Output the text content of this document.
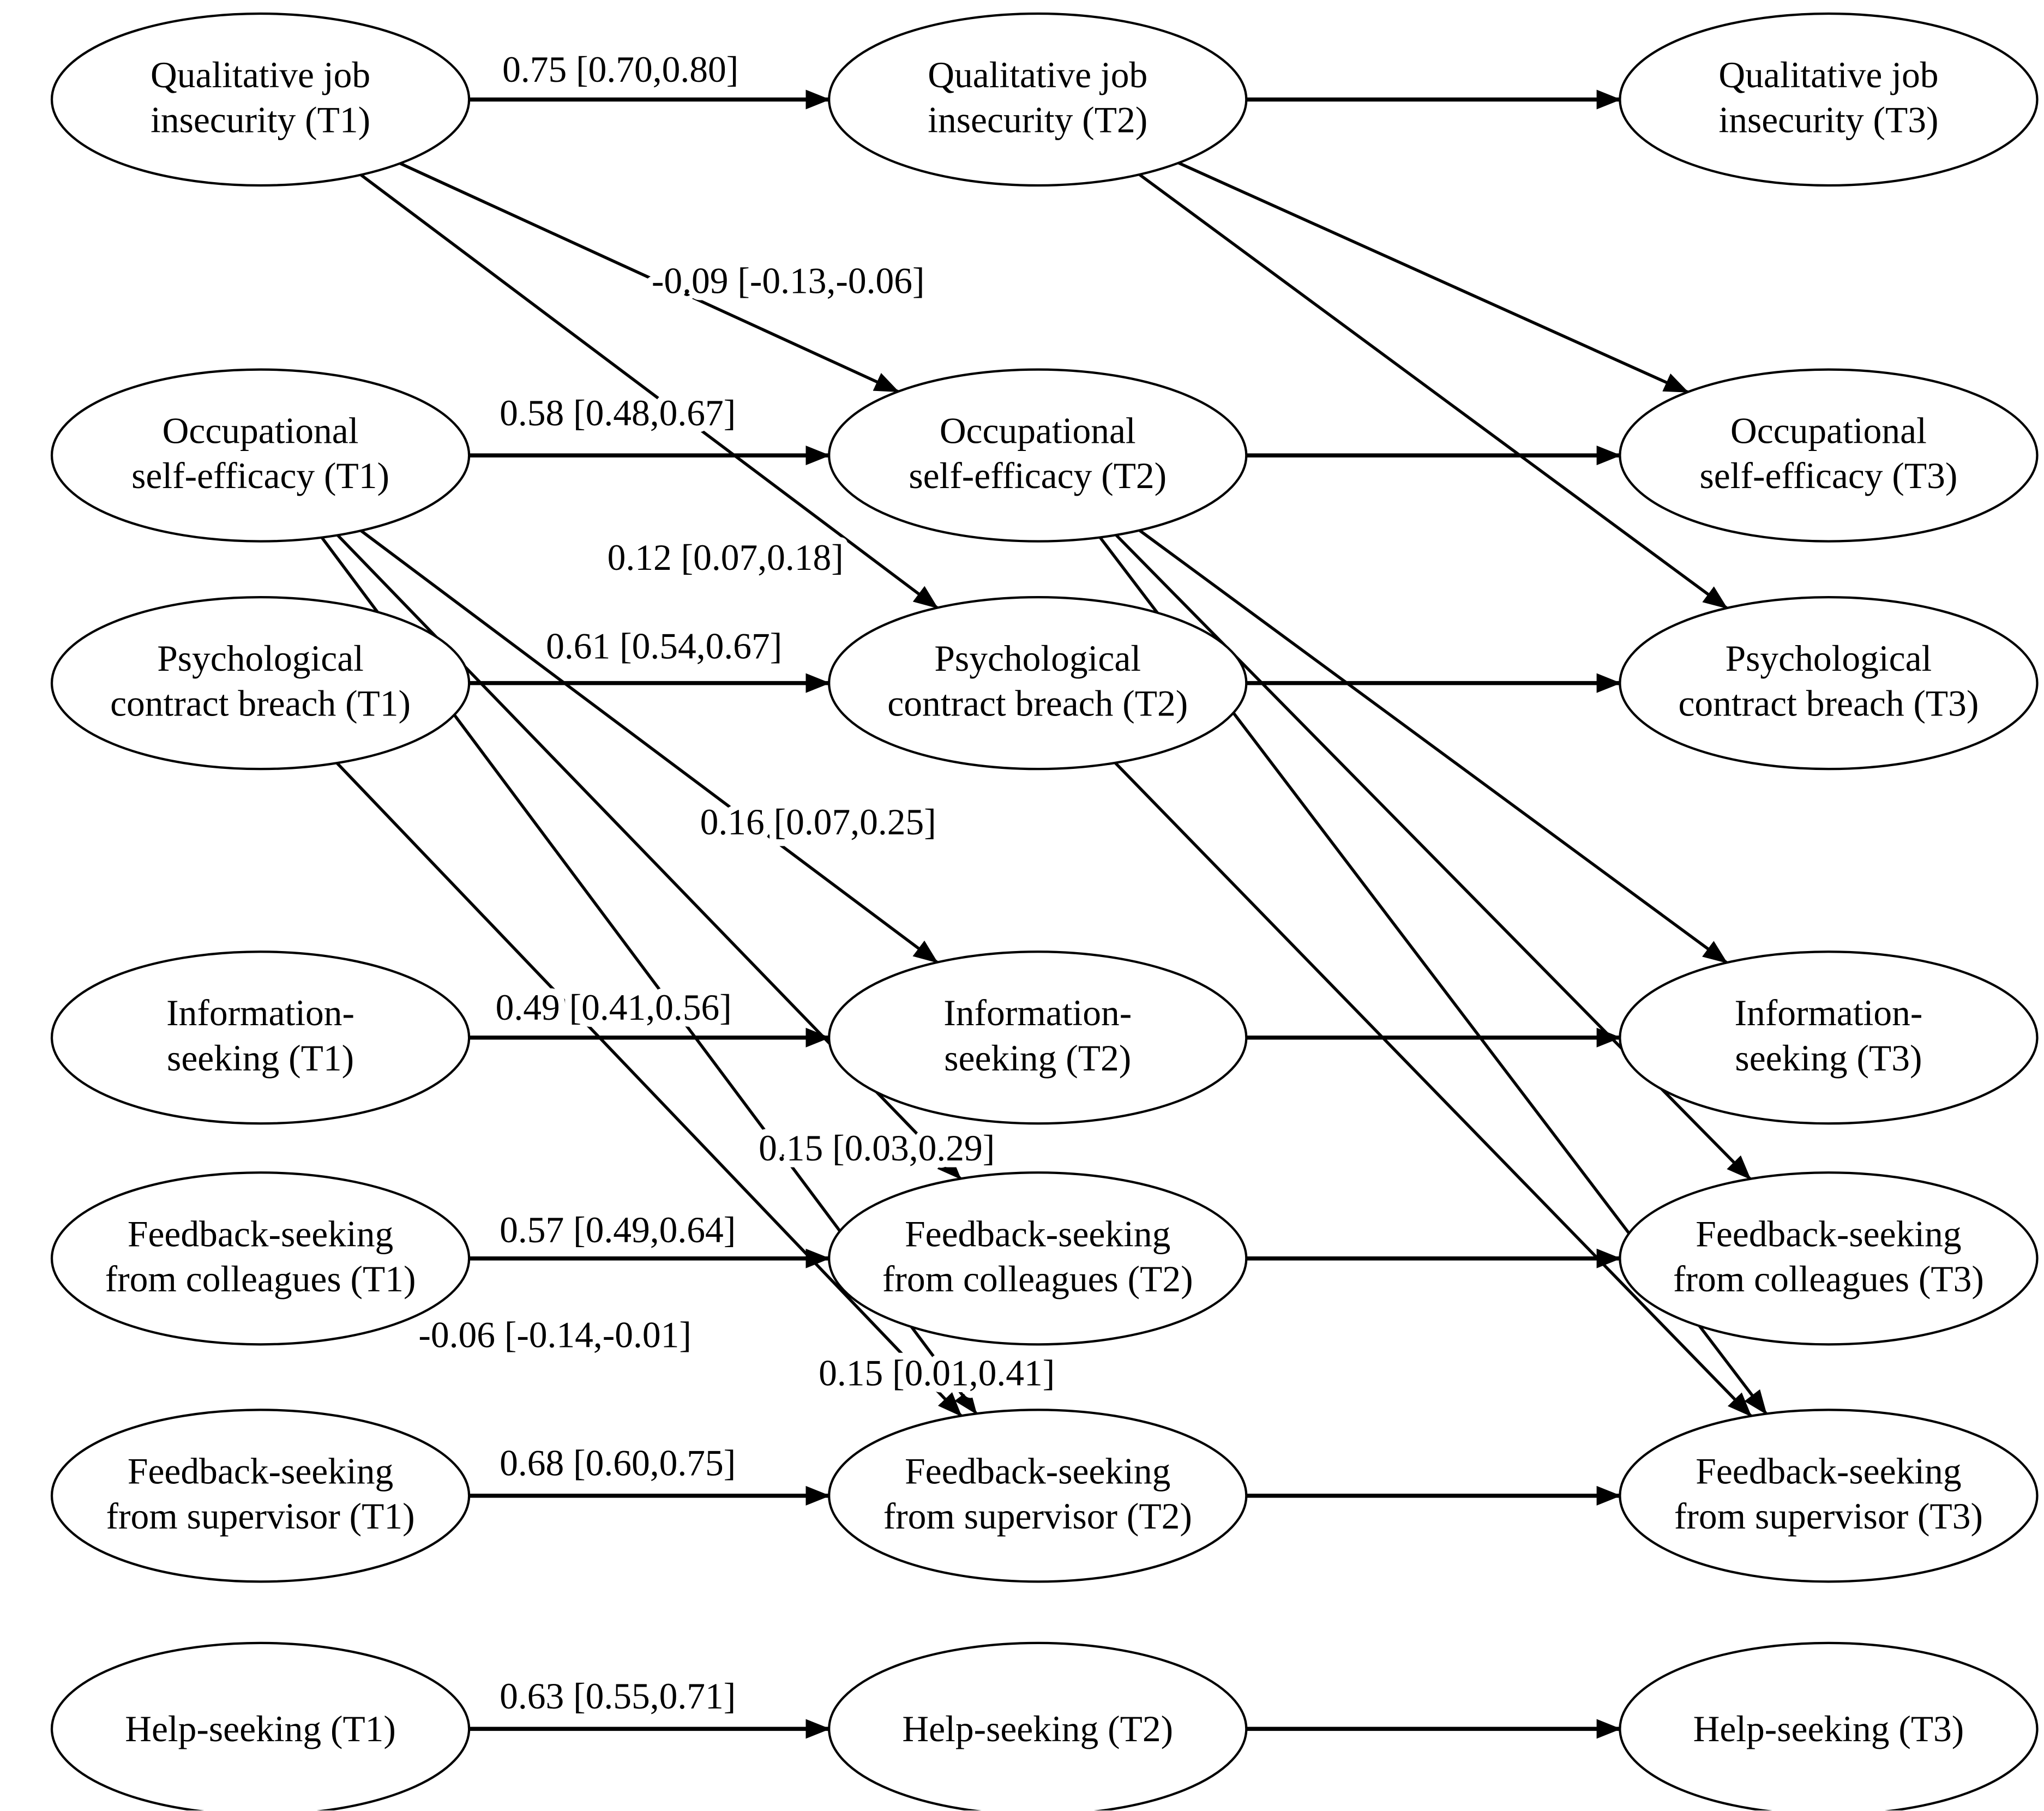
0.75 [0.70,0.80]
-0.09 [-0.13,-0.06]
0.12 [0.07,0.18]
0.58 [0.48,0.67]
0.16 [0.07,0.25]
0.15 [0.03,0.29]
0.15 [0.01,0.41]
0.61 [0.54,0.67]
-0.06 [-0.14,-0.01]
0.49 [0.41,0.56]
0.57 [0.49,0.64]
0.68 [0.60,0.75]
0.63 [0.55,0.71]
Qualitative job insecurity (T1)
Occupational self-efficacy (T1)
Psychological contract breach (T1)
Information-seeking (T1)
Feedback-seeking from colleagues (T1)
Feedback-seeking from supervisor (T1)
Help-seeking (T1)
Qualitative job insecurity (T2)
Occupational self-efficacy (T2)
Psychological contract breach (T2)
Information-seeking (T2)
Feedback-seeking from colleagues (T2)
Feedback-seeking from supervisor (T2)
Help-seeking (T2)
Qualitative job insecurity (T3)
Occupational self-efficacy (T3)
Psychological contract breach (T3)
Information-seeking (T3)
Feedback-seeking from colleagues (T3)
Feedback-seeking from supervisor (T3)
Help-seeking (T3)
